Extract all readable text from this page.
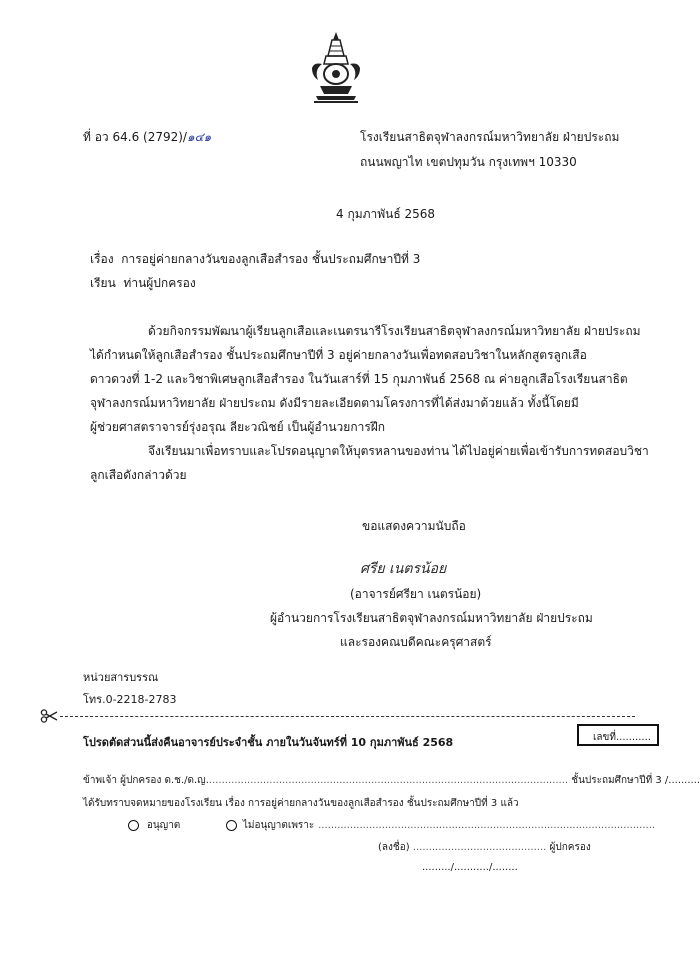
ที่ อว 64.6 (2792)/๑๔๑	โรงเรียนสาธิตจุฬาลงกรณ์มหาวิทยาลัย ฝ่ายประถม
ถนนพญาไท เขตปทุมวัน กรุงเทพฯ 10330
4 กุมภาพันธ์ 2568
เรื่อง การอยู่ค่ายกลางวันของลูกเสือสำรอง ชั้นประถมศึกษาปีที่ 3
เรียน ท่านผู้ปกครอง
ด้วยกิจกรรมพัฒนาผู้เรียนลูกเสือและเนตรนารีโรงเรียนสาธิตจุฬาลงกรณ์มหาวิทยาลัย ฝ่ายประถม
ได้กำหนดให้ลูกเสือสำรอง ชั้นประถมศึกษาปีที่ 3 อยู่ค่ายกลางวันเพื่อทดสอบวิชาในหลักสูตรลูกเสือ
ดาวดวงที่ 1-2 และวิชาพิเศษลูกเสือสำรอง ในวันเสาร์ที่ 15 กุมภาพันธ์ 2568 ณ ค่ายลูกเสือโรงเรียนสาธิต
จุฬาลงกรณ์มหาวิทยาลัย ฝ่ายประถม ดังมีรายละเอียดตามโครงการที่ได้ส่งมาด้วยแล้ว ทั้งนี้โดยมี
ผู้ช่วยศาสตราจารย์รุ่งอรุณ ลียะวณิชย์ เป็นผู้อำนวยการฝึก
จึงเรียนมาเพื่อทราบและโปรดอนุญาตให้บุตรหลานของท่าน ได้ไปอยู่ค่ายเพื่อเข้ารับการทดสอบวิชา
ลูกเสือดังกล่าวด้วย
ขอแสดงความนับถือ
ศรีย เนตรน้อย
(อาจารย์ศรียา เนตรน้อย)
ผู้อำนวยการโรงเรียนสาธิตจุฬาลงกรณ์มหาวิทยาลัย ฝ่ายประถม
และรองคณบดีคณะครุศาสตร์
หน่วยสารบรรณ
โทร.0-2218-2783
โปรดตัดส่วนนี้ส่งคืนอาจารย์ประจำชั้น ภายในวันจันทร์ที่ 10 กุมภาพันธ์ 2568	เลขที่...........
ข้าพเจ้า ผู้ปกครอง ด.ช./ด.ญ.................................................................................................................. ชั้นประถมศึกษาปีที่ 3 /..........
ได้รับทราบจดหมายของโรงเรียน เรื่อง การอยู่ค่ายกลางวันของลูกเสือสำรอง ชั้นประถมศึกษาปีที่ 3 แล้ว
อนุญาต	ไม่อนุญาตเพราะ ..........................................................................................................
(ลงชื่อ) .......................................... ผู้ปกครอง
........./.........../........
